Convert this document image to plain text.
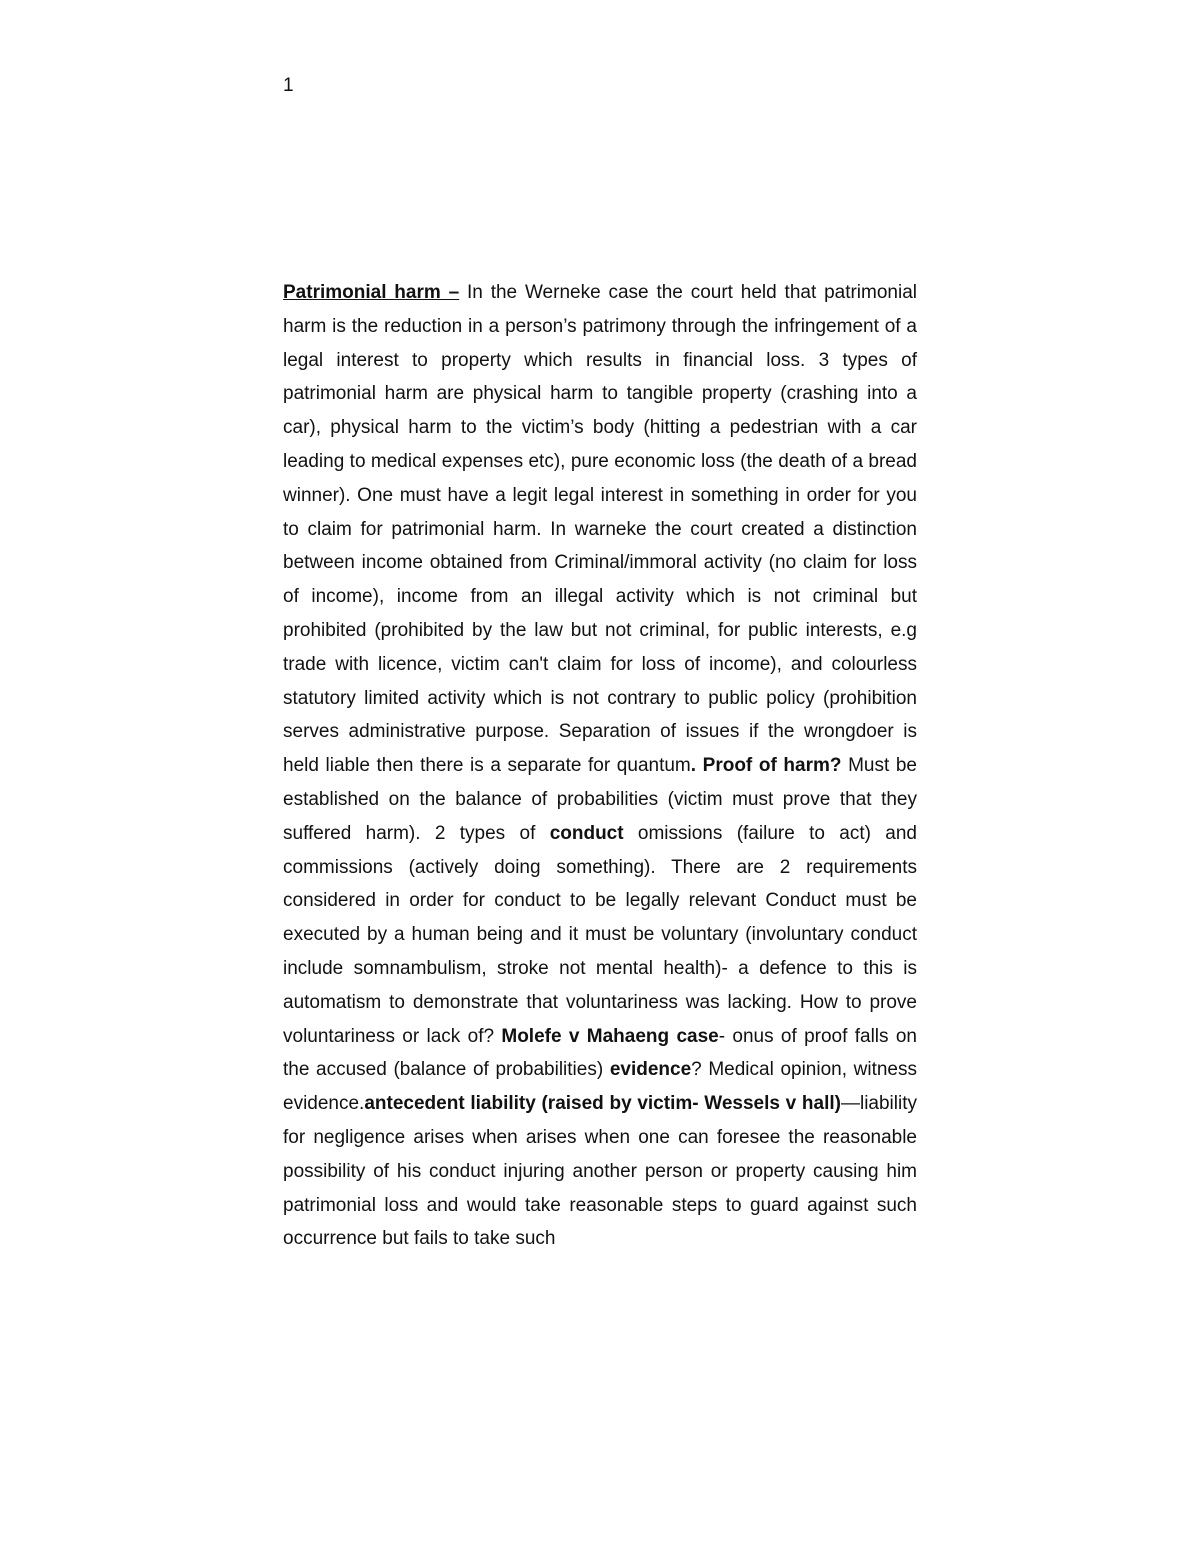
1

Patrimonial harm – In the Werneke case the court held that patrimonial harm is the reduction in a person’s patrimony through the infringement of a legal interest to property which results in financial loss. 3 types of patrimonial harm are physical harm to tangible property (crashing into a car), physical harm to the victim’s body (hitting a pedestrian with a car leading to medical expenses etc), pure economic loss (the death of a bread winner). One must have a legit legal interest in something in order for you to claim for patrimonial harm. In warneke the court created a distinction between income obtained from Criminal/immoral activity (no claim for loss of income), income from an illegal activity which is not criminal but prohibited (prohibited by the law but not criminal, for public interests, e.g trade with licence, victim can't claim for loss of income), and colourless statutory limited activity which is not contrary to public policy (prohibition serves administrative purpose. Separation of issues if the wrongdoer is held liable then there is a separate for quantum. Proof of harm? Must be established on the balance of probabilities (victim must prove that they suffered harm). 2 types of conduct omissions (failure to act) and commissions (actively doing something). There are 2 requirements considered in order for conduct to be legally relevant Conduct must be executed by a human being and it must be voluntary (involuntary conduct include somnambulism, stroke not mental health)- a defence to this is automatism to demonstrate that voluntariness was lacking. How to prove voluntariness or lack of? Molefe v Mahaeng case- onus of proof falls on the accused (balance of probabilities) evidence? Medical opinion, witness evidence.antecedent liability (raised by victim- Wessels v hall)—liability for negligence arises when arises when one can foresee the reasonable possibility of his conduct injuring another person or property causing him patrimonial loss and would take reasonable steps to guard against such occurrence but fails to take such
